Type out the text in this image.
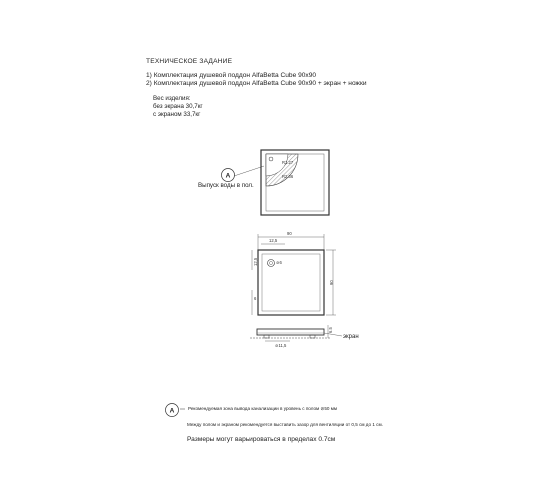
ТЕХНИЧЕСКОЕ ЗАДАНИЕ
1) Комплектация душевой поддон AlfaBetta Cube 90х90
2) Комплектация душевой поддон AlfaBetta Cube 90х90 + экран + ножки
Вес изделия:
без экрана 30,7кг
с экраном 33,7кг
Выпуск воды в пол.
экран
Рекомендуемая зона вывода канализации в уровень с полом ⊘50 мм
Между полом и экраном рекомендуется выставить зазор для вентиляции от 0,5 см до 1 см.
Размеры могут варьироваться в пределах 0.7см
R1.27
R2.36
A
90
12,5
⊘6
12,5
6
90
6.5
⊘11,5
A
